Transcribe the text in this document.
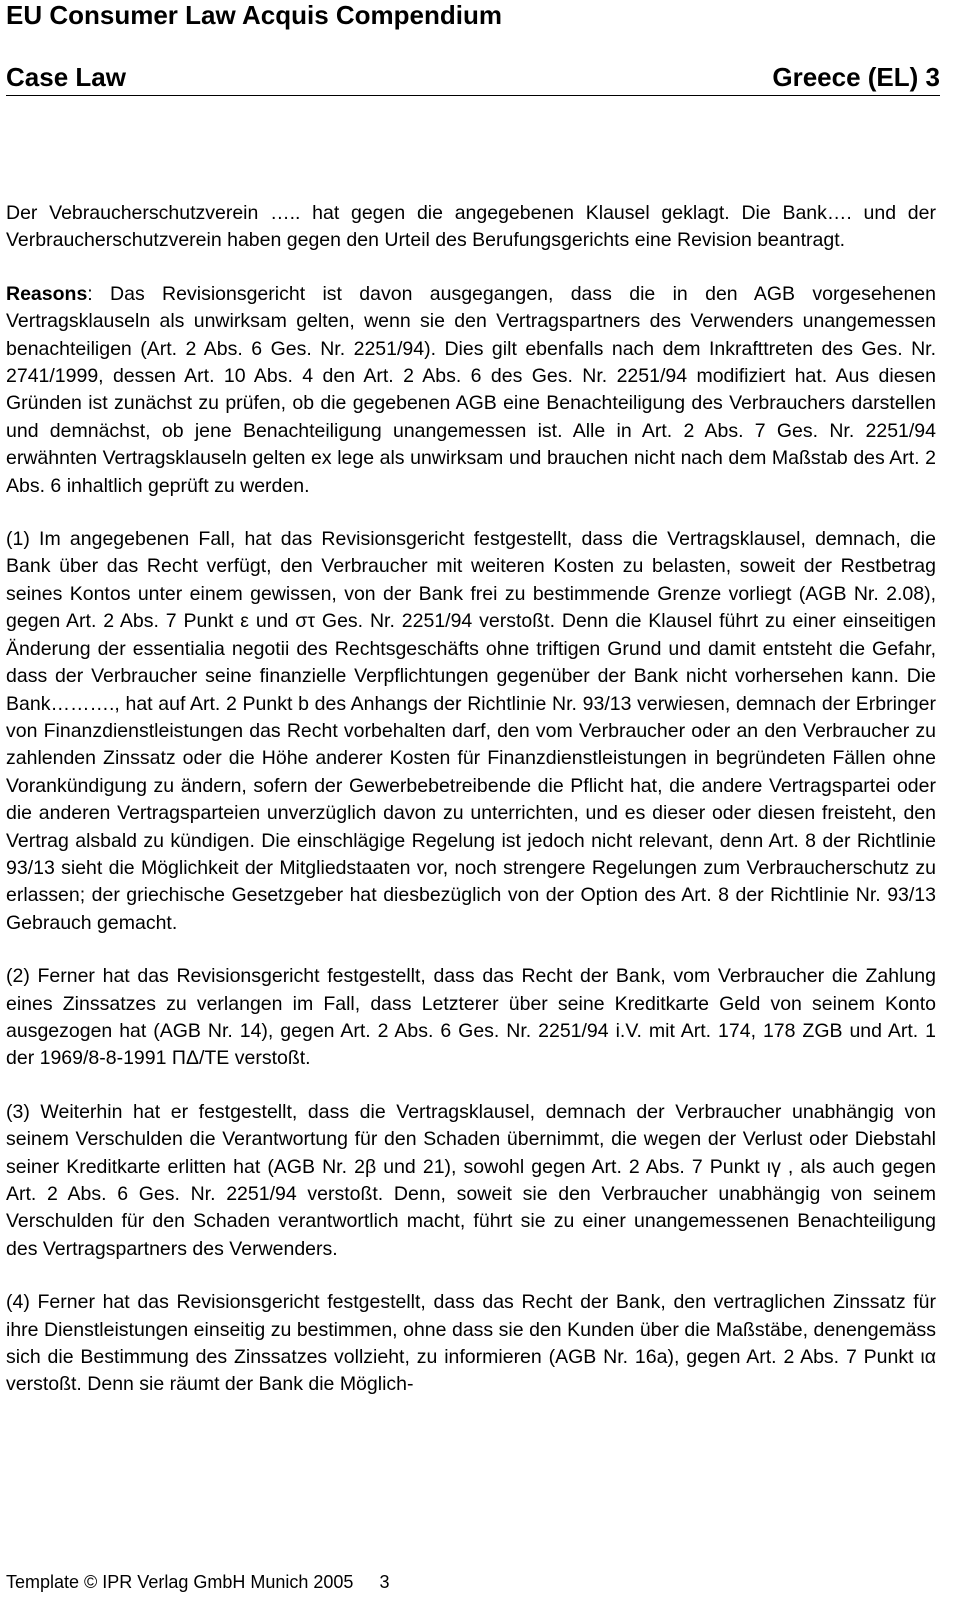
EU Consumer Law Acquis Compendium
Case Law	Greece (EL) 3

Der Vebraucherschutzverein ….. hat gegen die angegebenen Klausel geklagt. Die Bank…. und der Verbraucherschutzverein haben gegen den Urteil des Berufungsgerichts eine Revision beantragt.

Reasons: Das Revisionsgericht ist davon ausgegangen, dass die in den AGB vorgesehenen Vertragsklauseln als unwirksam gelten, wenn sie den Vertragspartners des Verwenders unangemessen benachteiligen (Art. 2 Abs. 6 Ges. Nr. 2251/94). Dies gilt ebenfalls nach dem Inkrafttreten des Ges. Nr. 2741/1999, dessen Art. 10 Abs. 4 den Art. 2 Abs. 6 des Ges. Nr. 2251/94 modifiziert hat. Aus diesen Gründen ist zunächst zu prüfen, ob die gegebenen AGB eine Benachteiligung des Verbrauchers darstellen und demnächst, ob jene Benachteiligung unangemessen ist. Alle in Art. 2 Abs. 7 Ges. Nr. 2251/94 erwähnten Vertragsklauseln gelten ex lege als unwirksam und brauchen nicht nach dem Maßstab des Art. 2 Abs. 6 inhaltlich geprüft zu werden.

(1) Im angegebenen Fall, hat das Revisionsgericht festgestellt, dass die Vertragsklausel, demnach, die Bank über das Recht verfügt, den Verbraucher mit weiteren Kosten zu belasten, soweit der Restbetrag seines Kontos unter einem gewissen, von der Bank frei zu bestimmende Grenze vorliegt (AGB Nr. 2.08), gegen Art. 2 Abs. 7 Punkt ε und στ Ges. Nr. 2251/94 verstoßt. Denn die Klausel führt zu einer einseitigen Änderung der essentialia negotii des Rechtsgeschäfts ohne triftigen Grund und damit entsteht die Gefahr, dass der Verbraucher seine finanzielle Verpflichtungen gegenüber der Bank nicht vorhersehen kann. Die Bank………., hat auf Art. 2 Punkt b des Anhangs der Richtlinie Nr. 93/13 verwiesen, demnach der Erbringer von Finanzdienstleistungen das Recht vorbehalten darf, den vom Verbraucher oder an den Verbraucher zu zahlenden Zinssatz oder die Höhe anderer Kosten für Finanzdienstleistungen in begründeten Fällen ohne Vorankündigung zu ändern, sofern der Gewerbebetreibende die Pflicht hat, die andere Vertragspartei oder die anderen Vertragsparteien unverzüglich davon zu unterrichten, und es dieser oder diesen freisteht, den Vertrag alsbald zu kündigen. Die einschlägige Regelung ist jedoch nicht relevant, denn Art. 8 der Richtlinie 93/13 sieht die Möglichkeit der Mitgliedstaaten vor, noch strengere Regelungen zum Verbraucherschutz zu erlassen; der griechische Gesetzgeber hat diesbezüglich von der Option des Art. 8 der Richtlinie Nr. 93/13 Gebrauch gemacht.

(2) Ferner hat das Revisionsgericht festgestellt, dass das Recht der Bank, vom Verbraucher die Zahlung eines Zinssatzes zu verlangen im Fall, dass Letzterer über seine Kreditkarte Geld von seinem Konto ausgezogen hat (AGB Nr. 14), gegen Art. 2 Abs. 6 Ges. Nr. 2251/94 i.V. mit Art. 174, 178 ZGB und Art. 1 der 1969/8-8-1991 ΠΔ/TE verstoßt.

(3) Weiterhin hat er festgestellt, dass die Vertragsklausel, demnach der Verbraucher unabhängig von seinem Verschulden die Verantwortung für den Schaden übernimmt, die wegen der Verlust oder Diebstahl seiner Kreditkarte erlitten hat (AGB Nr. 2β und 21), sowohl gegen Art. 2 Abs. 7 Punkt ιγ , als auch gegen Art. 2 Abs. 6 Ges. Nr. 2251/94 verstoßt. Denn, soweit sie den Verbraucher unabhängig von seinem Verschulden für den Schaden verantwortlich macht, führt sie zu einer unangemessenen Benachteiligung des Vertragspartners des Verwenders.

(4) Ferner hat das Revisionsgericht festgestellt, dass das Recht der Bank, den vertraglichen Zinssatz für ihre Dienstleistungen einseitig zu bestimmen, ohne dass sie den Kunden über die Maßstäbe, denengemäss sich die Bestimmung des Zinssatzes vollzieht, zu informieren (AGB Nr. 16a), gegen Art. 2 Abs. 7 Punkt ια verstoßt. Denn sie räumt der Bank die Möglich-

Template © IPR Verlag GmbH Munich 2005 3
